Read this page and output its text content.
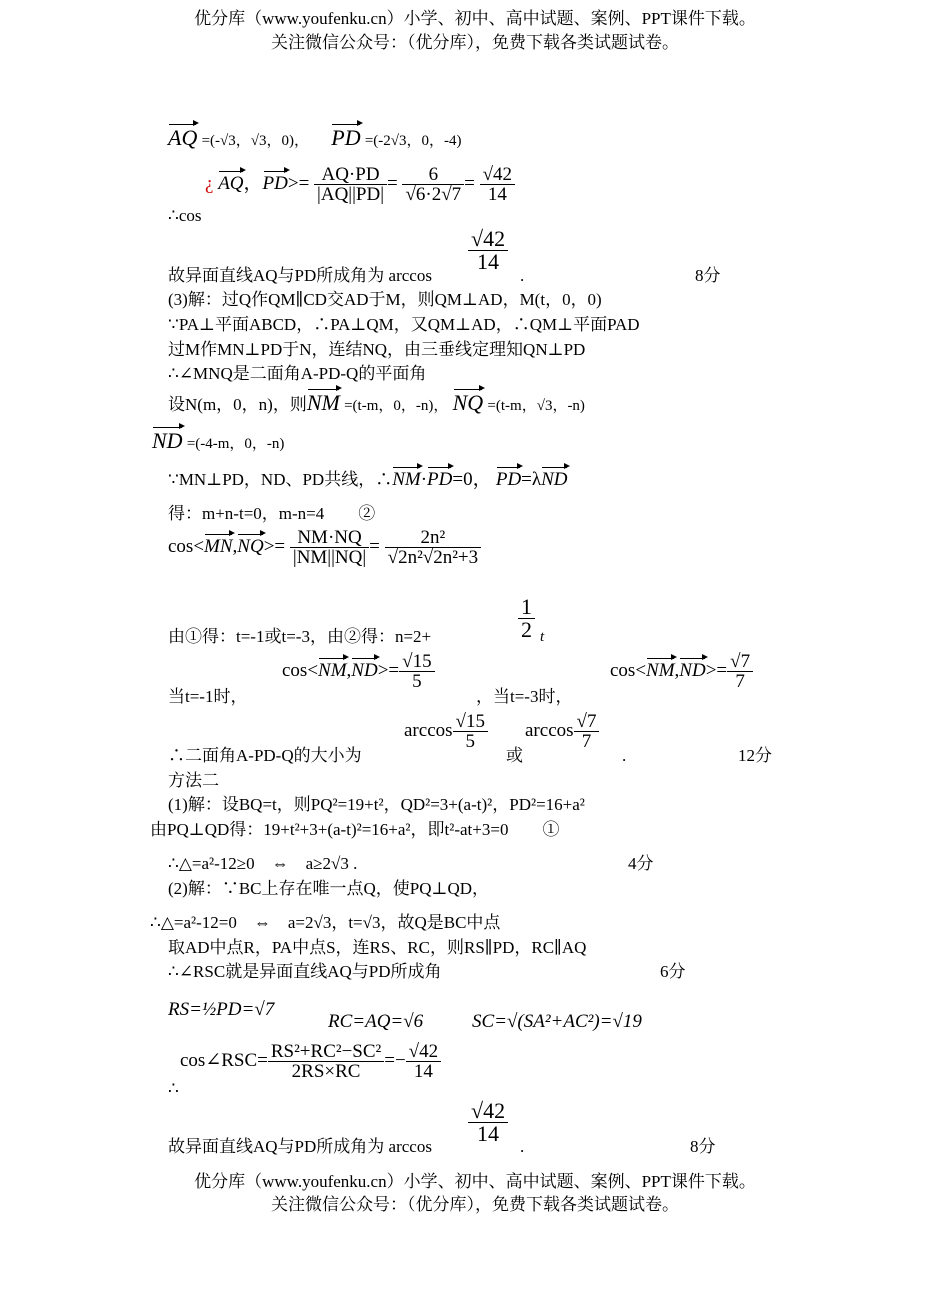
优分库（www.youfenku.cn）小学、初中、高中试题、案例、PPT课件下载。
关注微信公众号：（优分库），免费下载各类试题试卷。
AQ =(-√3，√3，0)， PD =(-2√3，0，-4)
∴cos
¿ AQ，$PD>= \frac{AQ\cdot PD}{|AQ||PD|} = \frac{6}{√6\cdot 2√7} = \frac{√42}{14}$
$\frac{√42}{14}$
故异面直线AQ与PD所成角为 arccos	.	8分
(3)解：过Q作QM∥CD交AD于M，则QM⊥AD，M(t，0，0)
∵PA⊥平面ABCD，∴PA⊥QM，又QM⊥AD，∴QM⊥平面PAD
过M作MN⊥PD于N，连结NQ，由三垂线定理知QN⊥PD
∴∠MNQ是二面角A-PD-Q的平面角
设N(m，0，n)，则NM =(t-m，0，-n)， NQ =(t-m，√3，-n)
ND =(-4-m，0，-n)
∵MN⊥PD，ND、PD共线，∴NM·PD=0， PD=λND
得：m+n-t=0，m-n=4　　②
$\cos<MN,NQ>= \frac{NM\cdot NQ}{|NM||NQ|} = \frac{\text{2n²}}{\text{√2n²√2n²+3}}$
$\frac{1}{2}$
由①得：t=-1或t=-3，由②得：n=2+	t
$\cos<NM,ND>= \frac{√15}{5}$	$\cos<NM,ND>= \frac{√7}{7}$
当t=-1时，	，当t=-3时，
$\arccos \frac{√15}{5}$ $\arccos \frac{√7}{7}$
∴二面角A-PD-Q的大小为	或	.	12分
方法二
(1)解：设BQ=t，则PQ²=19+t²，QD²=3+(a-t)²，PD²=16+a²
由PQ⊥QD得：19+t²+3+(a-t)²=16+a²，即t²-at+3=0　　①
∴△=a²-12≥0　⇔　a≥2√3 .	4分
(2)解：∵BC上存在唯一点Q，使PQ⊥QD，
∴△=a²-12=0　⇔　a=2√3，t=√3，故Q是BC中点
取AD中点R，PA中点S，连RS、RC，则RS∥PD，RC∥AQ
∴∠RSC就是异面直线AQ与PD所成角	6分
RS=½PD=√7
RC=AQ=√6	SC=√(SA²+AC²)=√19
cos∠RSC= $\frac{\text{RS²+RC²−SC²}}{2RS\times RC} =- \frac{√42}{14}$
∴
$\frac{√42}{14}$
故异面直线AQ与PD所成角为 arccos	.	8分
优分库（www.youfenku.cn）小学、初中、高中试题、案例、PPT课件下载。
关注微信公众号：（优分库），免费下载各类试题试卷。
